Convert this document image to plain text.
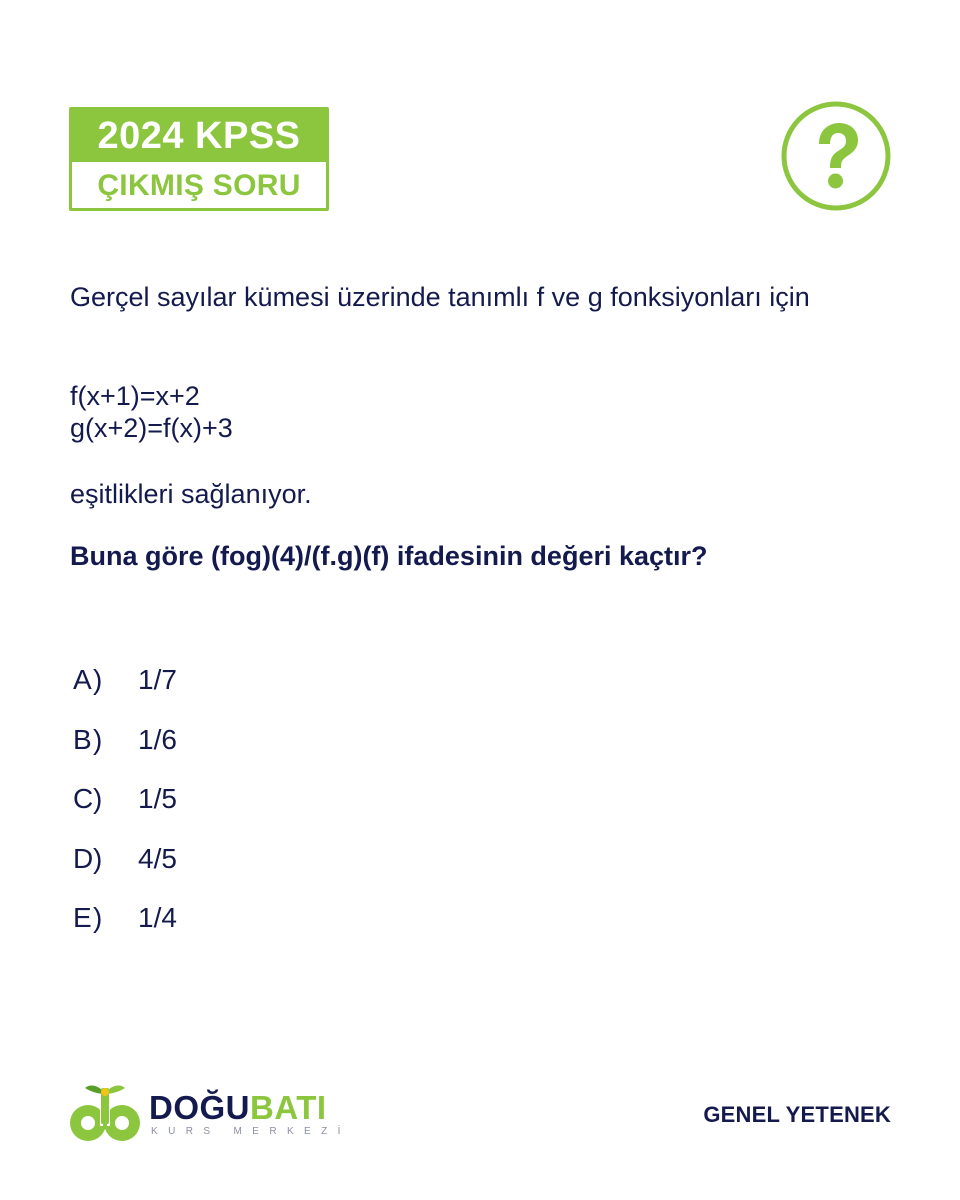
2024 KPSS
ÇIKMIŞ SORU
Gerçel sayılar kümesi üzerinde tanımlı f ve g fonksiyonları için
f(x+1)=x+2
g(x+2)=f(x)+3
eşitlikleri sağlanıyor.
Buna göre (fog)(4)/(f.g)(f) ifadesinin değeri kaçtır?
A )	1/7
B )	1/6
C )	1/5
D )	4/5
E )	1/4
DOĞUBATI
KURS MERKEZİ
GENEL YETENEK
